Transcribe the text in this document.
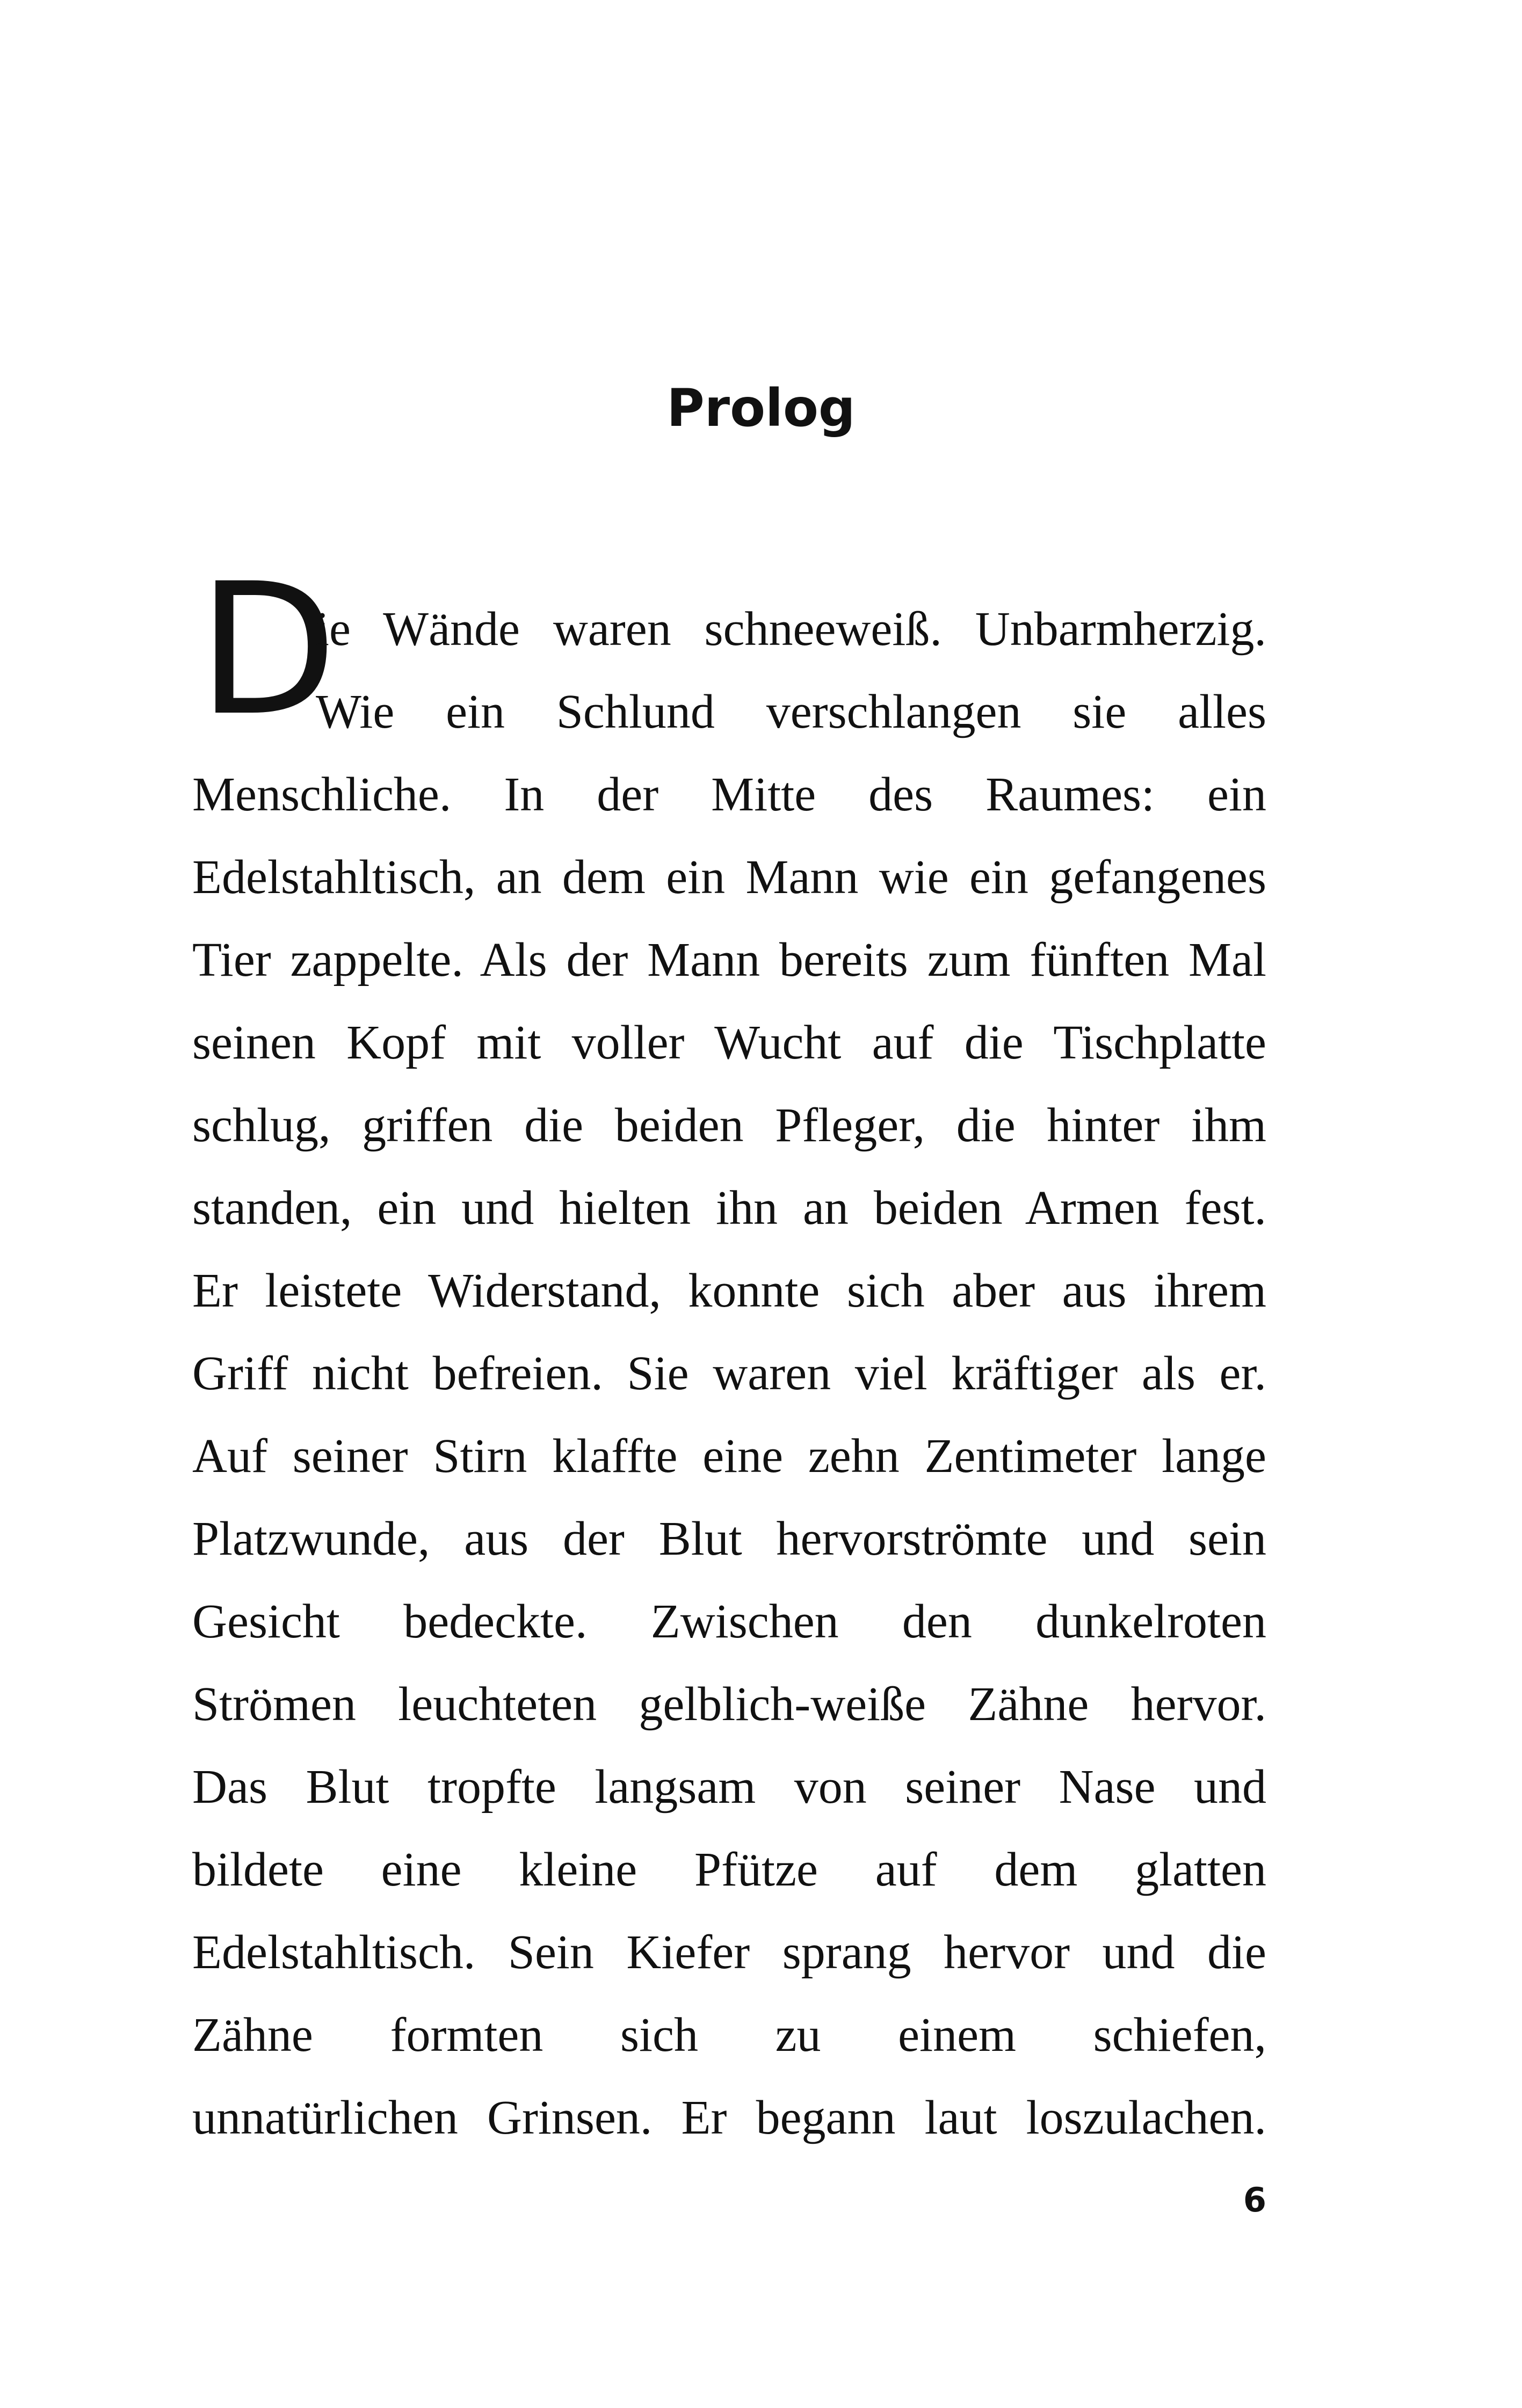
Prolog
D
ie Wände waren schneeweiß. Unbarmherzig.
Wie ein Schlund verschlangen sie alles
Menschliche. In der Mitte des Raumes: ein
Edelstahltisch, an dem ein Mann wie ein gefangenes
Tier zappelte. Als der Mann bereits zum fünften Mal
seinen Kopf mit voller Wucht auf die Tischplatte
schlug, griffen die beiden Pfleger, die hinter ihm
standen, ein und hielten ihn an beiden Armen fest.
Er leistete Widerstand, konnte sich aber aus ihrem
Griff nicht befreien. Sie waren viel kräftiger als er.
Auf seiner Stirn klaffte eine zehn Zentimeter lange
Platzwunde, aus der Blut hervorströmte und sein
Gesicht bedeckte. Zwischen den dunkelroten
Strömen leuchteten gelblich-weiße Zähne hervor.
Das Blut tropfte langsam von seiner Nase und
bildete eine kleine Pfütze auf dem glatten
Edelstahltisch. Sein Kiefer sprang hervor und die
Zähne formten sich zu einem schiefen,
unnatürlichen Grinsen. Er begann laut loszulachen.
6
